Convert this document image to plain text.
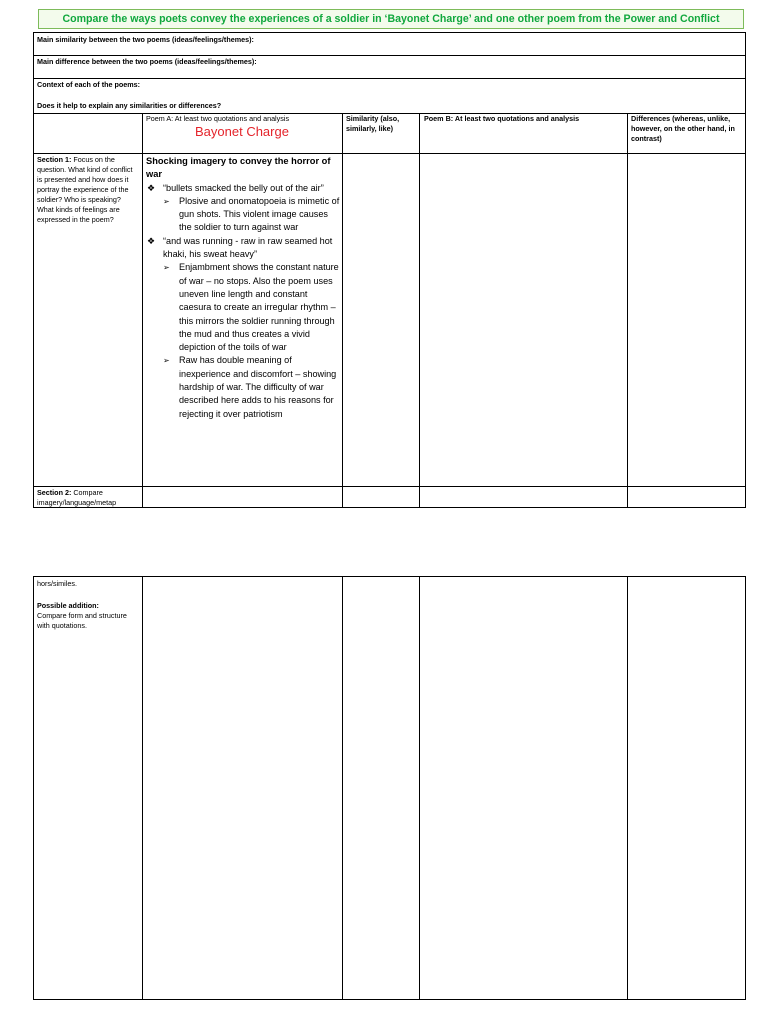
Compare the ways poets convey the experiences of a soldier in ‘Bayonet Charge’ and one other poem from the Power and Conflict
Main similarity between the two poems (ideas/feelings/themes):
Main difference between the two poems (ideas/feelings/themes):
Context of each of the poems:
Does it help to explain any similarities or differences?
Poem A: At least two quotations and analysis
Bayonet Charge
Similarity (also, similarly, like)
Poem B: At least two quotations and analysis	Differences (whereas, unlike, however, on the other hand, in contrast)
Section 1: Focus on the question. What kind of conflict is presented and how does it portray the experience of the soldier? Who is speaking? What kinds of feelings are expressed in the poem?
Shocking imagery to convey the horror of war
❖ “bullets smacked the belly out of the air”
➢ Plosive and onomatopoeia is mimetic of gun shots. This violent image causes the soldier to turn against war
❖ “and was running - raw in raw seamed hot khaki, his sweat heavy”
➢ Enjambment shows the constant nature of war – no stops. Also the poem uses uneven line length and constant caesura to create an irregular rhythm – this mirrors the soldier running through the mud and thus creates a vivid depiction of the toils of war
➢ Raw has double meaning of inexperience and discomfort – showing hardship of war. The difficulty of war described here adds to his reasons for rejecting it over patriotism
Section 2: Compare imagery/language/metap
hors/similes.
Possible addition:
Compare form and structure with quotations.
